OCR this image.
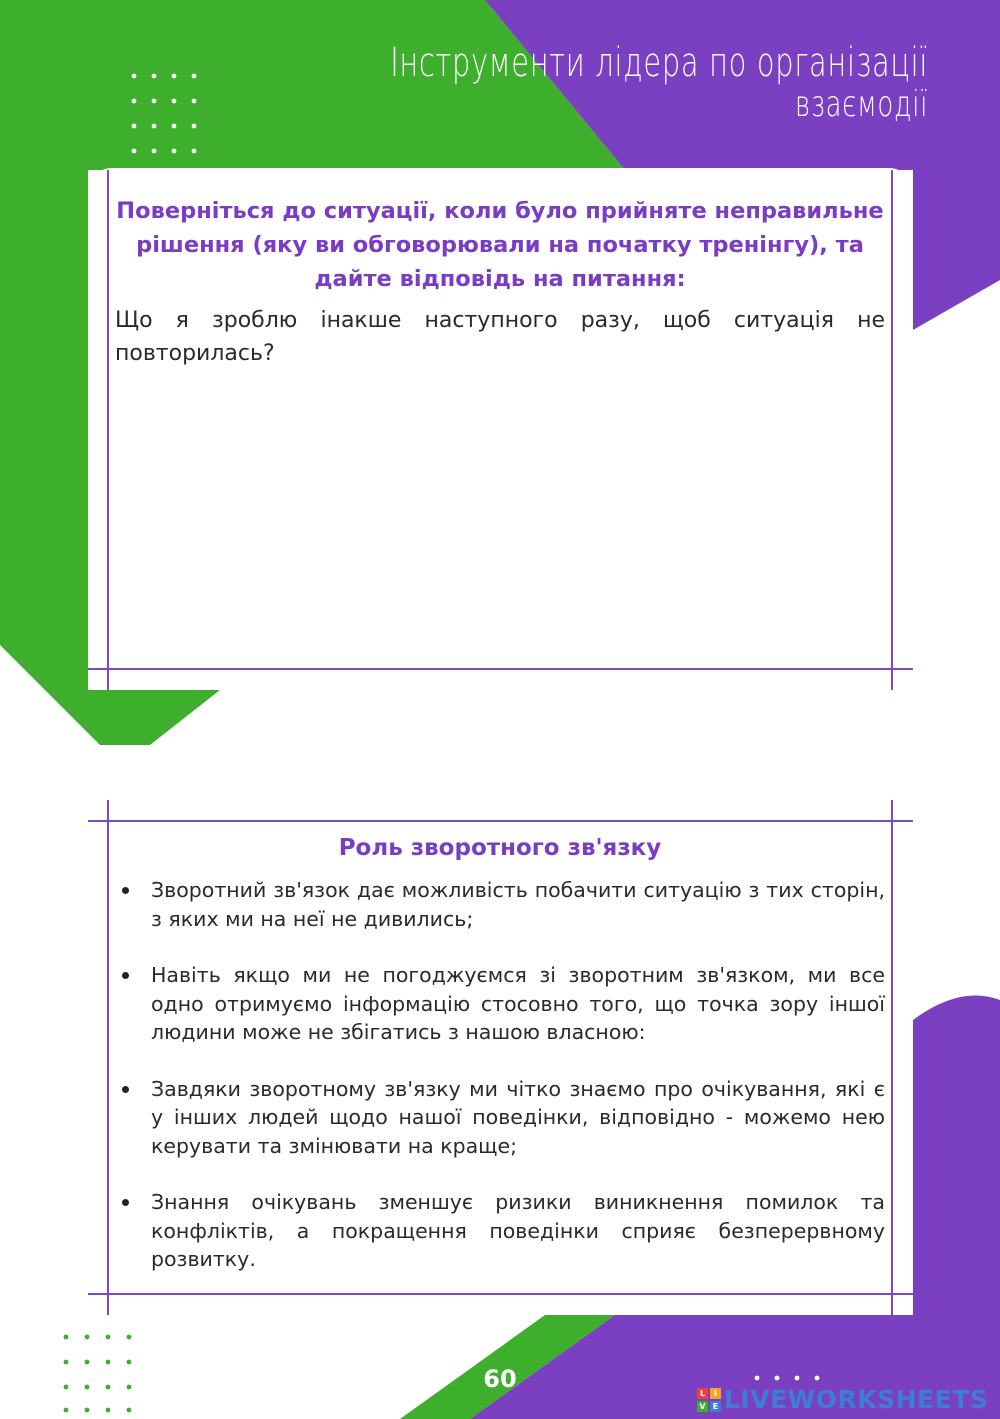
Інструменти лідера по організації
взаємодії
Поверніться до ситуації, коли було прийняте неправильне рішення (яку ви обговорювали на початку тренінгу), та дайте відповідь на питання:
Що я зроблю інакше наступного разу, щоб ситуація не повторилась?
Роль зворотного зв'язку
Зворотний зв'язок дає можливість побачити ситуацію з тих сторін, з яких ми на неї не дивились;
Навіть якщо ми не погоджуємся зі зворотним зв'язком, ми все одно отримуємо інформацію стосовно того, що точка зору іншої людини може не збігатись з нашою власною:
Завдяки зворотному зв'язку ми чітко знаємо про очікування, які є у інших людей щодо нашої поведінки, відповідно - можемо нею керувати та змінювати на краще;
Знання очікувань зменшує ризики виникнення помилок та конфліктів, а покращення поведінки сприяє безперервному розвитку.
60	L	I
V E LIVEWORKSHEETS
